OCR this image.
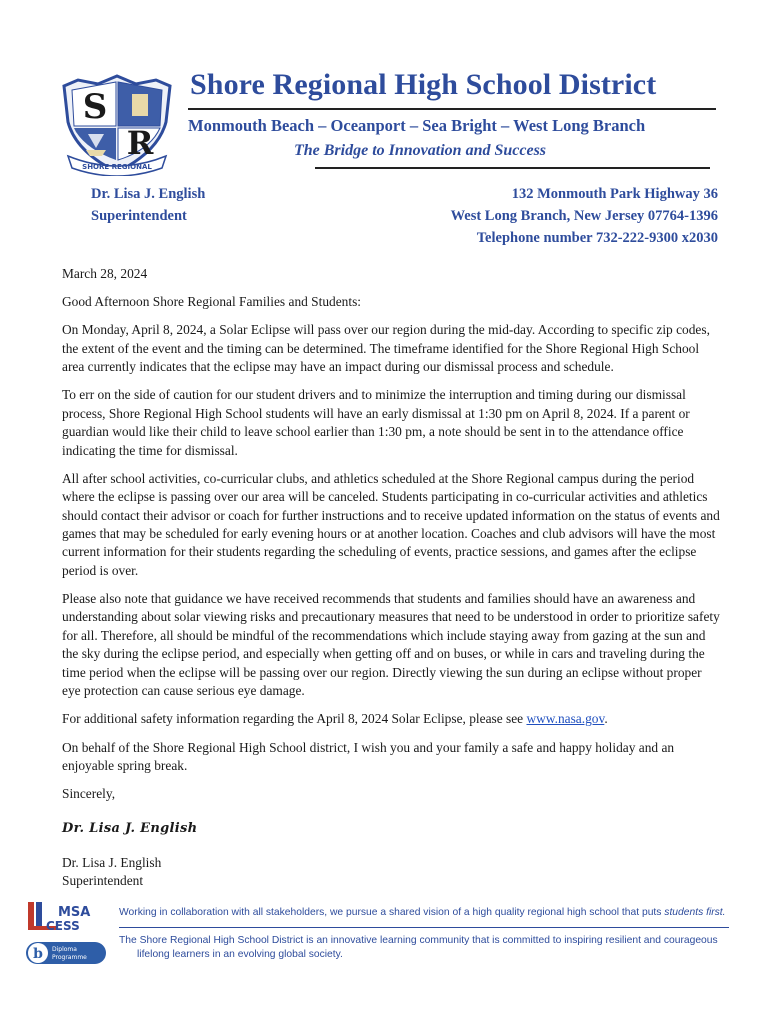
S
R
SHORE REGIONAL
Shore Regional High School District
Monmouth Beach – Oceanport – Sea Bright – West Long Branch
The Bridge to Innovation and Success
Dr. Lisa J. English
Superintendent
132 Monmouth Park Highway 36
West Long Branch, New Jersey 07764-1396
Telephone number 732-222-9300 x2030

March 28, 2024

Good Afternoon Shore Regional Families and Students:

On Monday, April 8, 2024, a Solar Eclipse will pass over our region during the mid-day. According to specific zip codes, the extent of the event and the timing can be determined. The timeframe identified for the Shore Regional High School area currently indicates that the eclipse may have an impact during our dismissal process and schedule.

To err on the side of caution for our student drivers and to minimize the interruption and timing during our dismissal process, Shore Regional High School students will have an early dismissal at 1:30 pm on April 8, 2024. If a parent or guardian would like their child to leave school earlier than 1:30 pm, a note should be sent in to the attendance office indicating the time for dismissal.

All after school activities, co-curricular clubs, and athletics scheduled at the Shore Regional campus during the period where the eclipse is passing over our area will be canceled. Students participating in co-curricular activities and athletics should contact their advisor or coach for further instructions and to receive updated information on the status of events and games that may be scheduled for early evening hours or at another location. Coaches and club advisors will have the most current information for their students regarding the scheduling of events, practice sessions, and games after the eclipse period is over.

Please also note that guidance we have received recommends that students and families should have an awareness and understanding about solar viewing risks and precautionary measures that need to be understood in order to prioritize safety for all. Therefore, all should be mindful of the recommendations which include staying away from gazing at the sun and the sky during the eclipse period, and especially when getting off and on buses, or while in cars and traveling during the time period when the eclipse will be passing over our region. Directly viewing the sun during an eclipse without proper eye protection can cause serious eye damage.

For additional safety information regarding the April 8, 2024 Solar Eclipse, please see www.nasa.gov.

On behalf of the Shore Regional High School district, I wish you and your family a safe and happy holiday and an enjoyable spring break.

Sincerely,

Dr. Lisa J. English

Dr. Lisa J. English
Superintendent

MSA
CESS
b Diploma
Programme
Working in collaboration with all stakeholders, we pursue a shared vision of a high quality regional high school that puts students first.
The Shore Regional High School District is an innovative learning community that is committed to inspiring resilient and courageous
lifelong learners in an evolving global society.
